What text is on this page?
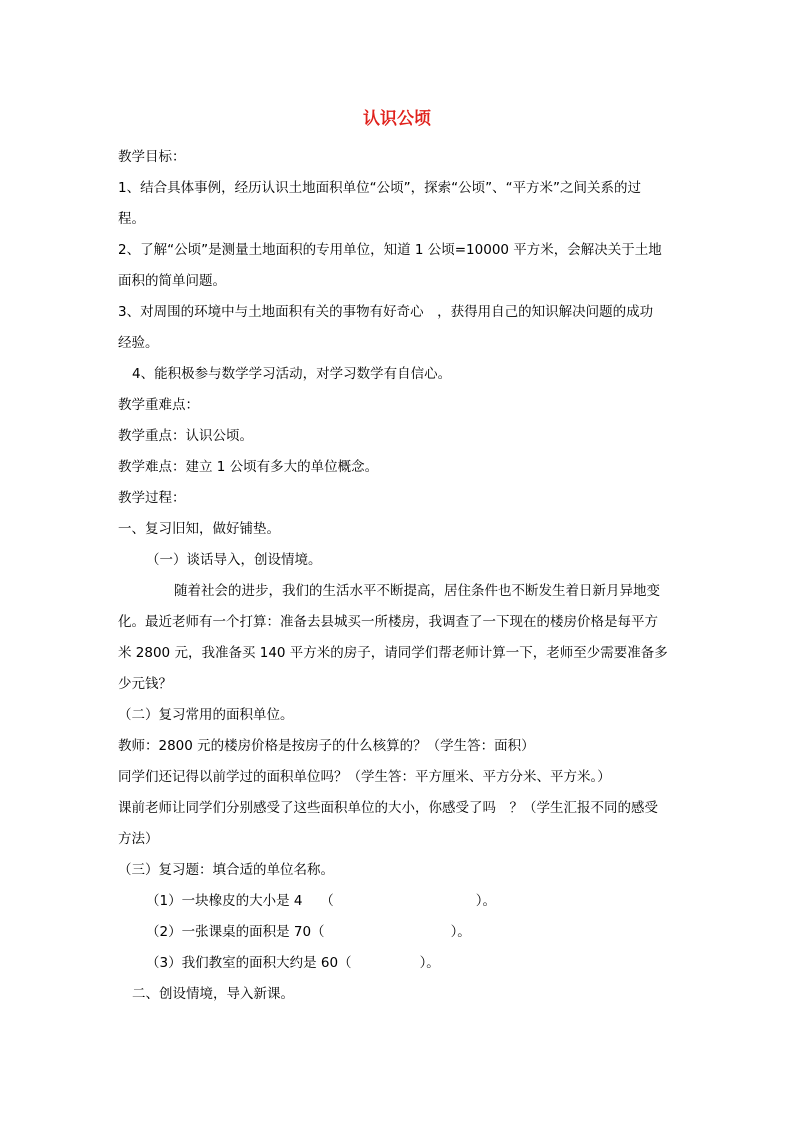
认识公顷
教学目标：
1、结合具体事例，经历认识土地面积单位“公顷”，探索“公顷”、“平方米”之间关系的过
程。
2、了解“公顷”是测量土地面积的专用单位，知道 1 公顷=10000 平方米，会解决关于土地
面积的简单问题。
3、对周围的环境中与土地面积有关的事物有好奇心　，获得用自己的知识解决问题的成功
经验。
4、能积极参与数学学习活动，对学习数学有自信心。
教学重难点：
教学重点：认识公顷。
教学难点：建立 1 公顷有多大的单位概念。
教学过程：
一、复习旧知，做好铺垫。
（一）谈话导入，创设情境。
随着社会的进步，我们的生活水平不断提高，居住条件也不断发生着日新月异地变
化。最近老师有一个打算：准备去县城买一所楼房，我调查了一下现在的楼房价格是每平方
米 2800 元，我准备买 140 平方米的房子，请同学们帮老师计算一下，老师至少需要准备多
少元钱？
（二）复习常用的面积单位。
教师：2800 元的楼房价格是按房子的什么核算的？（学生答：面积）
同学们还记得以前学过的面积单位吗？（学生答：平方厘米、平方分米、平方米。）
课前老师让同学们分别感受了这些面积单位的大小，你感受了吗　？（学生汇报不同的感受
方法）
（三）复习题：填合适的单位名称。
（1）一块橡皮的大小是 4　 （	）。
（2）一张课桌的面积是 70（	）。
（3）我们教室的面积大约是 60（	）。
二、创设情境，导入新课。
